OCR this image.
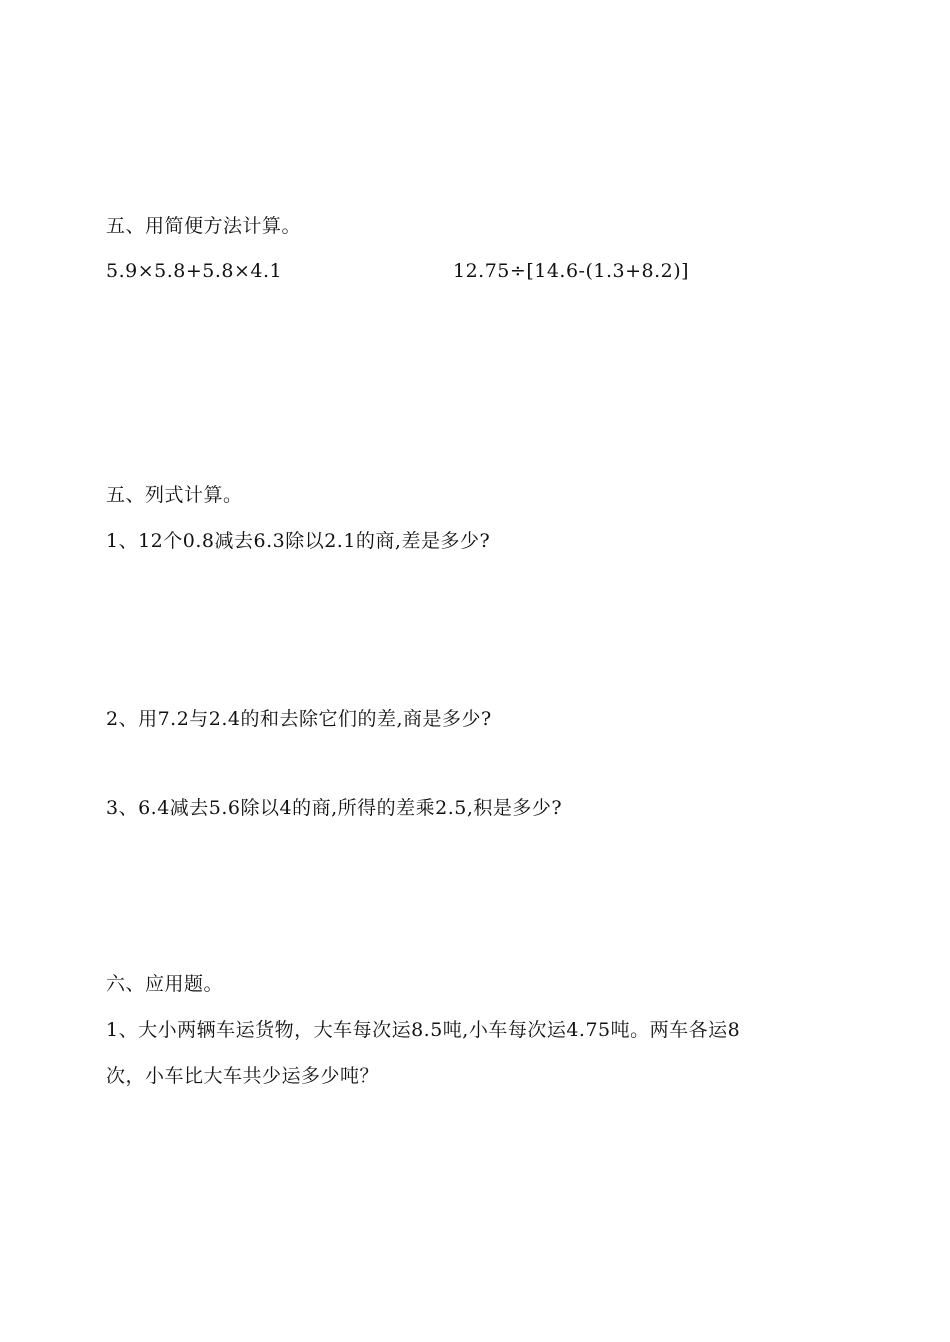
五、用简便方法计算。
5.9×5.8+5.8×4.1	12.75÷[14.6-(1.3+8.2)]
五、列式计算。
1、12个0.8减去6.3除以2.1的商,差是多少?
2、用7.2与2.4的和去除它们的差,商是多少?
3、6.4减去5.6除以4的商,所得的差乘2.5,积是多少?
六、应用题。
1、大小两辆车运货物，大车每次运8.5吨,小车每次运4.75吨。两车各运8
次，小车比大车共少运多少吨？
